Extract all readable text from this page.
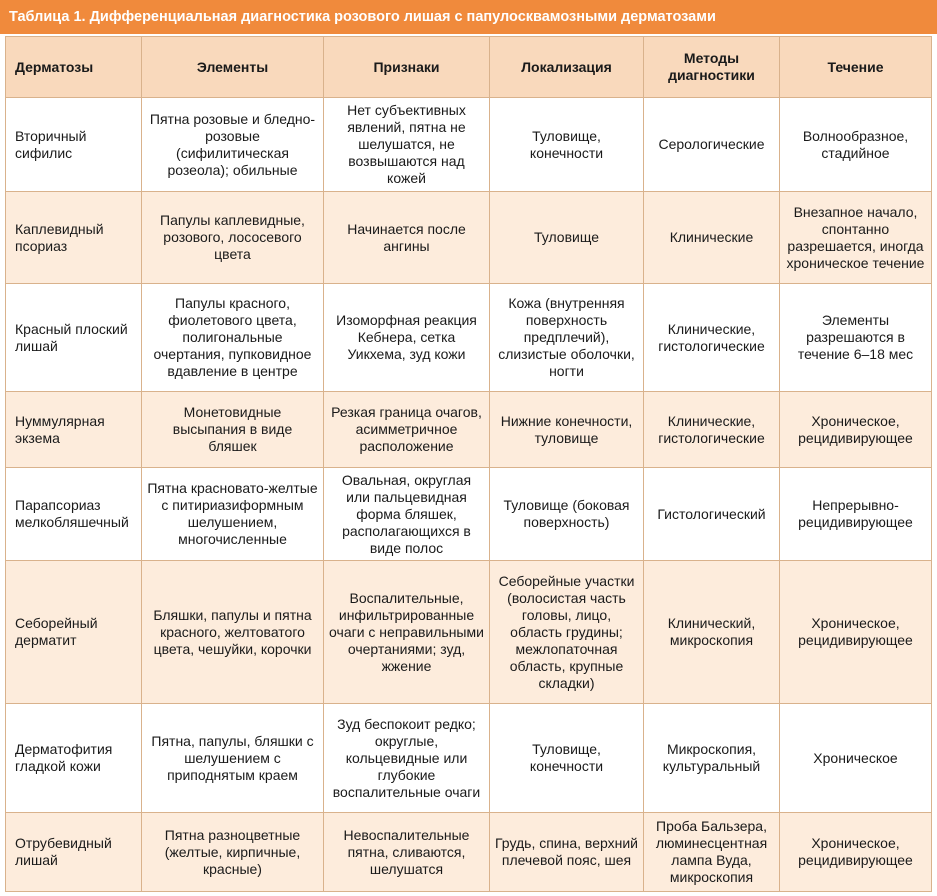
Таблица 1. Дифференциальная диагностика розового лишая с папулосквамозными дерматозами
Дерматозы	Элементы	Признаки	Локализация	Методы диагностики	Течение
Вторичный сифилис	Пятна розовые и бледно-розовые (сифилитическая розеола); обильные	Нет субъективных явлений, пятна не шелушатся, не возвышаются над кожей	Туловище, конечности	Серологические	Волнообразное, стадийное
Каплевидный псориаз	Папулы каплевидные, розового, лососевого цвета	Начинается после ангины	Туловище	Клинические	Внезапное начало, спонтанно разрешается, иногда хроническое течение
Красный плоский лишай	Папулы красного, фиолетового цвета, полигональные очертания, пупковидное вдавление в центре	Изоморфная реакция Кебнера, сетка Уикхема, зуд кожи	Кожа (внутренняя поверхность предплечий), слизистые оболочки, ногти	Клинические, гистологические	Элементы разрешаются в течение 6–18 мес
Нуммулярная экзема	Монетовидные высыпания в виде бляшек	Резкая граница очагов, асимметричное расположение	Нижние конечности, туловище	Клинические, гистологические	Хроническое, рецидивирующее
Парапсориаз мелкобляшечный	Пятна красновато-желтые с питириазиформным шелушением, многочисленные	Овальная, округлая или пальцевидная форма бляшек, располагающихся в виде полос	Туловище (боковая поверхность)	Гистологический	Непрерывно-рецидивирующее
Себорейный дерматит	Бляшки, папулы и пятна красного, желтоватого цвета, чешуйки, корочки	Воспалительные, инфильтрированные очаги с неправильными очертаниями; зуд, жжение	Себорейные участки (волосистая часть головы, лицо, область грудины; межлопаточная область, крупные складки)	Клинический, микроскопия	Хроническое, рецидивирующее
Дерматофития гладкой кожи	Пятна, папулы, бляшки с шелушением с приподнятым краем	Зуд беспокоит редко; округлые, кольцевидные или глубокие воспалительные очаги	Туловище, конечности	Микроскопия, культуральный	Хроническое
Отрубевидный лишай	Пятна разноцветные (желтые, кирпичные, красные)	Невоспалительные пятна, сливаются, шелушатся	Грудь, спина, верхний плечевой пояс, шея	Проба Бальзера, люминесцентная лампа Вуда, микроскопия	Хроническое, рецидивирующее
